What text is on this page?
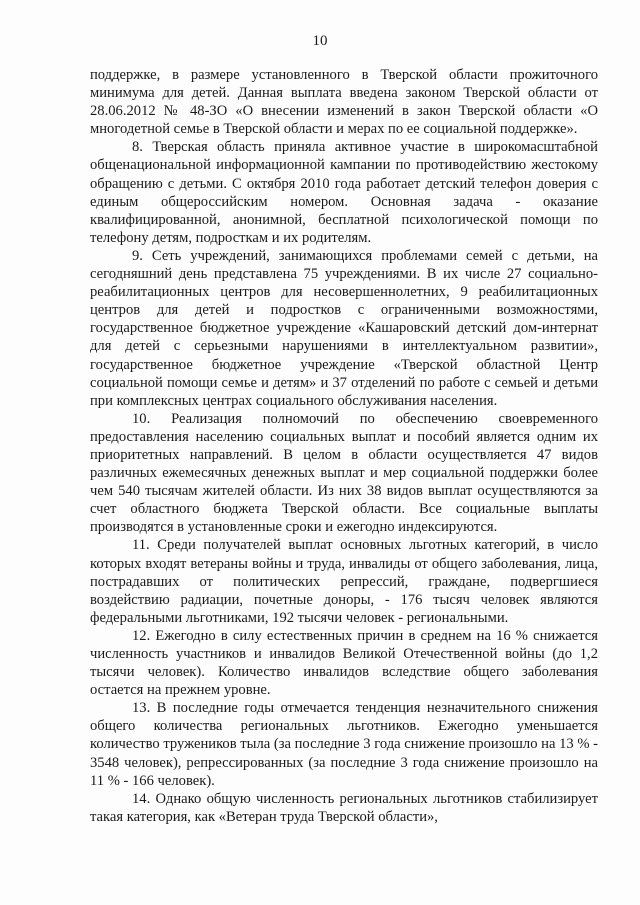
10

поддержке, в размере установленного в Тверской области прожиточного минимума для детей. Данная выплата введена законом Тверской области от 28.06.2012 № 48-ЗО «О внесении изменений в закон Тверской области «О многодетной семье в Тверской области и мерах по ее социальной поддержке».

8. Тверская область приняла активное участие в широкомасштабной общенациональной информационной кампании по противодействию жестокому обращению с детьми. С октября 2010 года работает детский телефон доверия с единым общероссийским номером. Основная задача - оказание квалифицированной, анонимной, бесплатной психологической помощи по телефону детям, подросткам и их родителям.

9. Сеть учреждений, занимающихся проблемами семей с детьми, на сегодняшний день представлена 75 учреждениями. В их числе 27 социально-реабилитационных центров для несовершеннолетних, 9 реабилитационных центров для детей и подростков с ограниченными возможностями, государственное бюджетное учреждение «Кашаровский детский дом-интернат для детей с серьезными нарушениями в интеллектуальном развитии», государственное бюджетное учреждение «Тверской областной Центр социальной помощи семье и детям» и 37 отделений по работе с семьей и детьми при комплексных центрах социального обслуживания населения.

10. Реализация полномочий по обеспечению своевременного предоставления населению социальных выплат и пособий является одним их приоритетных направлений. В целом в области осуществляется 47 видов различных ежемесячных денежных выплат и мер социальной поддержки более чем 540 тысячам жителей области. Из них 38 видов выплат осуществляются за счет областного бюджета Тверской области. Все социальные выплаты производятся в установленные сроки и ежегодно индексируются.

11. Среди получателей выплат основных льготных категорий, в число которых входят ветераны войны и труда, инвалиды от общего заболевания, лица, пострадавших от политических репрессий, граждане, подвергшиеся воздействию радиации, почетные доноры, - 176 тысяч человек являются федеральными льготниками, 192 тысячи человек - региональными.

12. Ежегодно в силу естественных причин в среднем на 16 % снижается численность участников и инвалидов Великой Отечественной войны (до 1,2 тысячи человек). Количество инвалидов вследствие общего заболевания остается на прежнем уровне.

13. В последние годы отмечается тенденция незначительного снижения общего количества региональных льготников. Ежегодно уменьшается количество тружеников тыла (за последние 3 года снижение произошло на 13 % - 3548 человек), репрессированных (за последние 3 года снижение произошло на 11 % - 166 человек).

14. Однако общую численность региональных льготников стабилизирует такая категория, как «Ветеран труда Тверской области»,
